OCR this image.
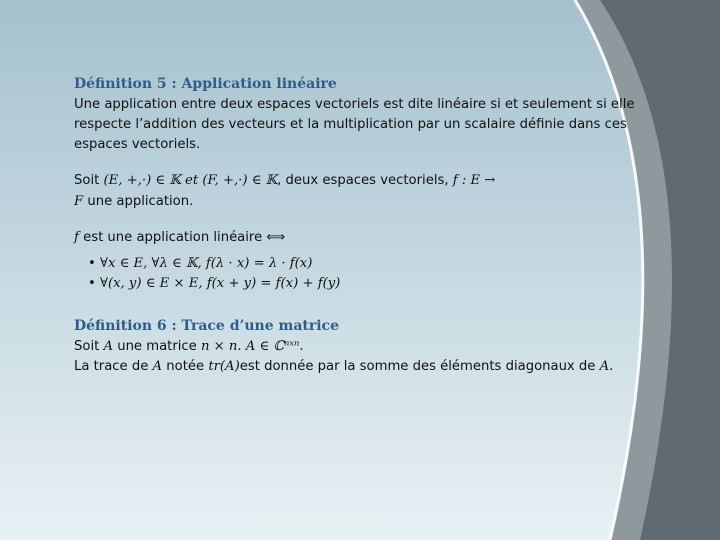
Définition 5 : Application linéaire

Une application entre deux espaces vectoriels est dite linéaire si et seulement si elle respecte l’addition des vecteurs et la multiplication par un scalaire définie dans ces espaces vectoriels.

Soit (E, +,·) ∈ 𝕂 et (F, +,·) ∈ 𝕂, deux espaces vectoriels, f : E →
F une application.

f est une application linéaire ⟺

• ∀x ∈ E, ∀λ ∈ 𝕂, f(λ · x) = λ · f(x)
• ∀(x, y) ∈ E × E, f(x + y) = f(x) + f(y)

Définition 6 : Trace d’une matrice

Soit A une matrice n × n. A ∈ ℂⁿˣⁿ.

La trace de A notée tr(A)est donnée par la somme des éléments diagonaux de A.
